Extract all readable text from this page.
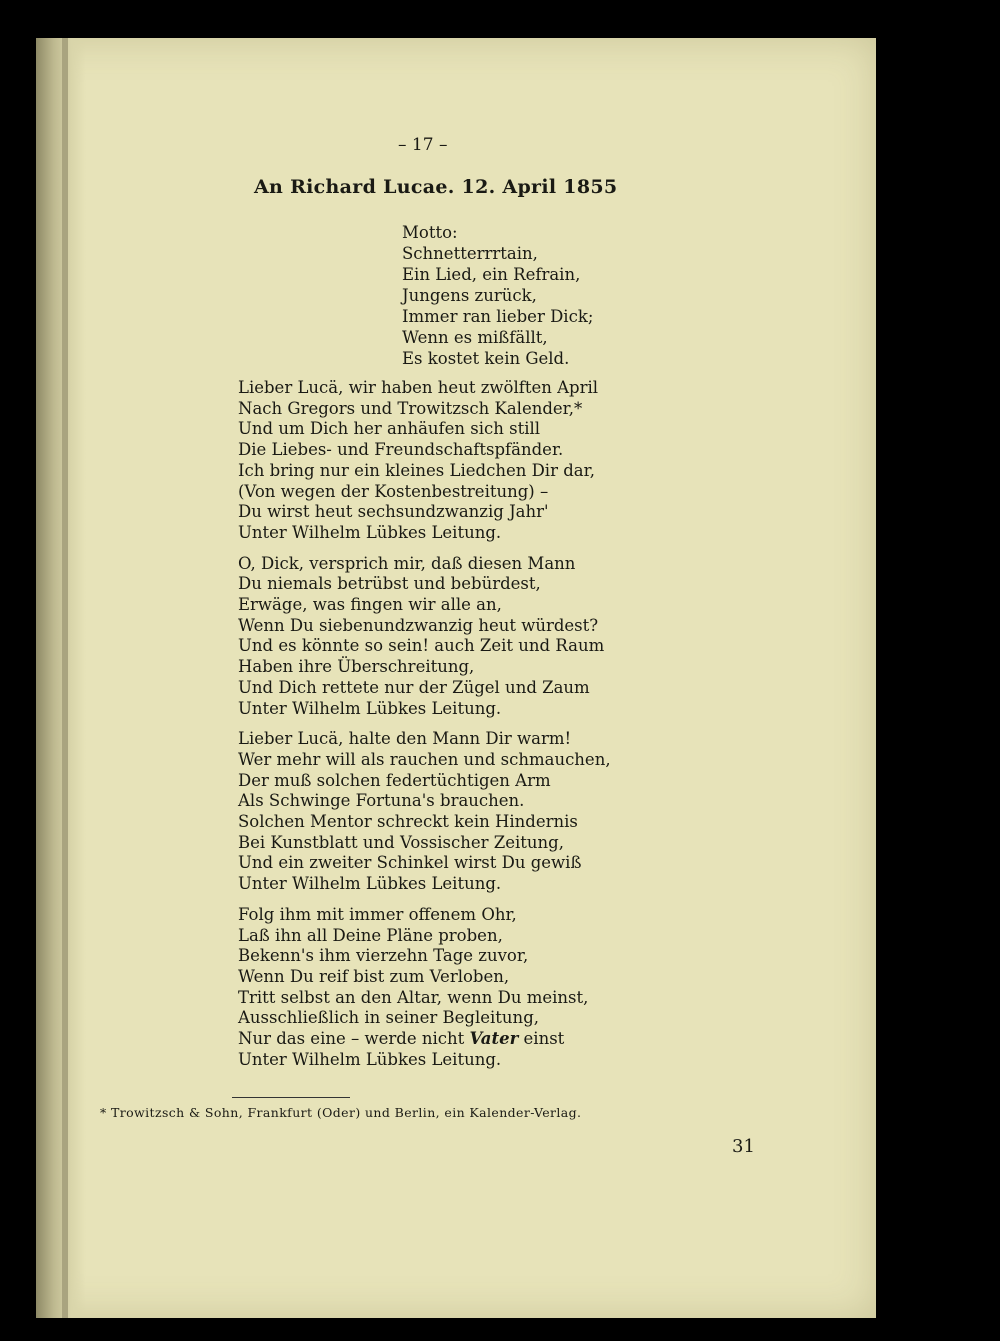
– 17 –
An Richard Lucae. 12. April 1855
Motto:
Schnetterrrtain,
Ein Lied, ein Refrain,
Jungens zurück,
Immer ran lieber Dick;
Wenn es mißfällt,
Es kostet kein Geld.
Lieber Lucä, wir haben heut zwölften April
Nach Gregors und Trowitzsch Kalender,*
Und um Dich her anhäufen sich still
Die Liebes- und Freundschaftspfänder.
Ich bring nur ein kleines Liedchen Dir dar,
(Von wegen der Kostenbestreitung) –
Du wirst heut sechsundzwanzig Jahr'
Unter Wilhelm Lübkes Leitung.
O, Dick, versprich mir, daß diesen Mann
Du niemals betrübst und bebürdest,
Erwäge, was fingen wir alle an,
Wenn Du siebenundzwanzig heut würdest?
Und es könnte so sein! auch Zeit und Raum
Haben ihre Überschreitung,
Und Dich rettete nur der Zügel und Zaum
Unter Wilhelm Lübkes Leitung.
Lieber Lucä, halte den Mann Dir warm!
Wer mehr will als rauchen und schmauchen,
Der muß solchen federtüchtigen Arm
Als Schwinge Fortuna's brauchen.
Solchen Mentor schreckt kein Hindernis
Bei Kunstblatt und Vossischer Zeitung,
Und ein zweiter Schinkel wirst Du gewiß
Unter Wilhelm Lübkes Leitung.
Folg ihm mit immer offenem Ohr,
Laß ihn all Deine Pläne proben,
Bekenn's ihm vierzehn Tage zuvor,
Wenn Du reif bist zum Verloben,
Tritt selbst an den Altar, wenn Du meinst,
Ausschließlich in seiner Begleitung,
Nur das eine – werde nicht Vater einst
Unter Wilhelm Lübkes Leitung.
* Trowitzsch & Sohn, Frankfurt (Oder) und Berlin, ein Kalender-Verlag.
31
